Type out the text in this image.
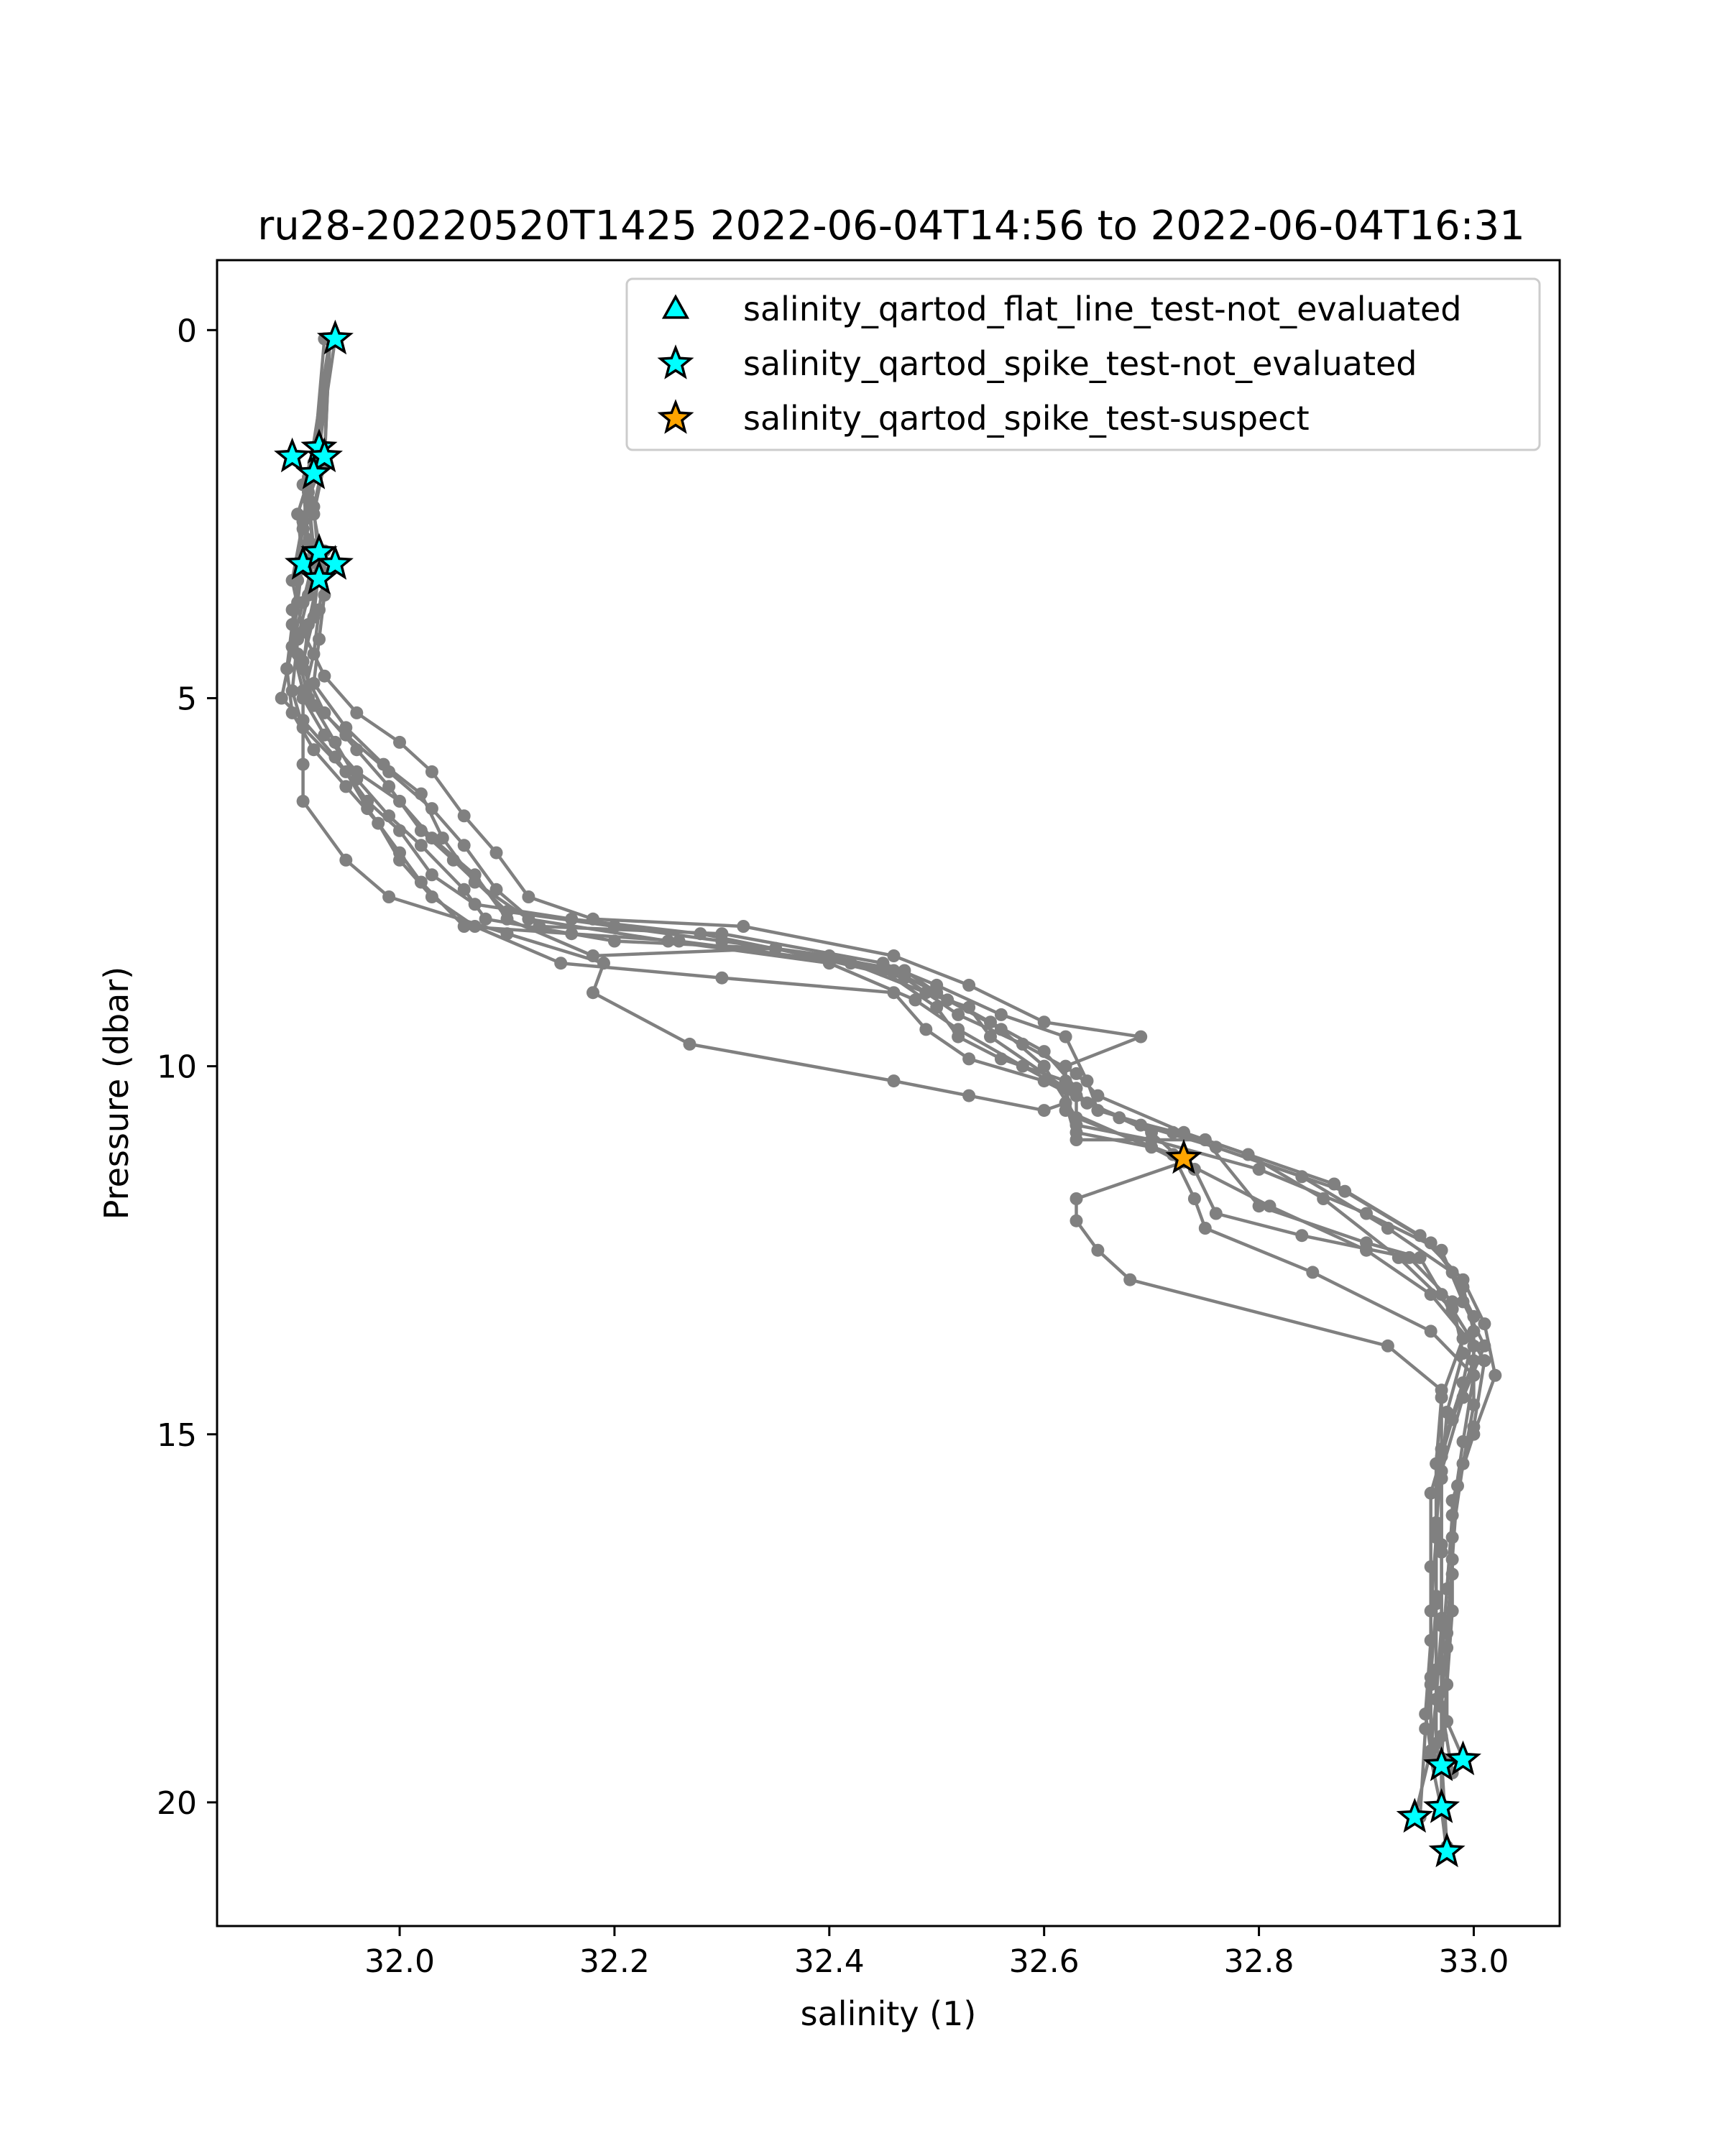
ru28-20220520T1425 2022-06-04T14:56 to 2022-06-04T16:31
32.0	32.2	32.4	32.6	32.8	33.0
0
5
10
15
20
salinity (1)
Pressure (dbar)
salinity_qartod_flat_line_test-not_evaluated
salinity_qartod_spike_test-not_evaluated
salinity_qartod_spike_test-suspect
